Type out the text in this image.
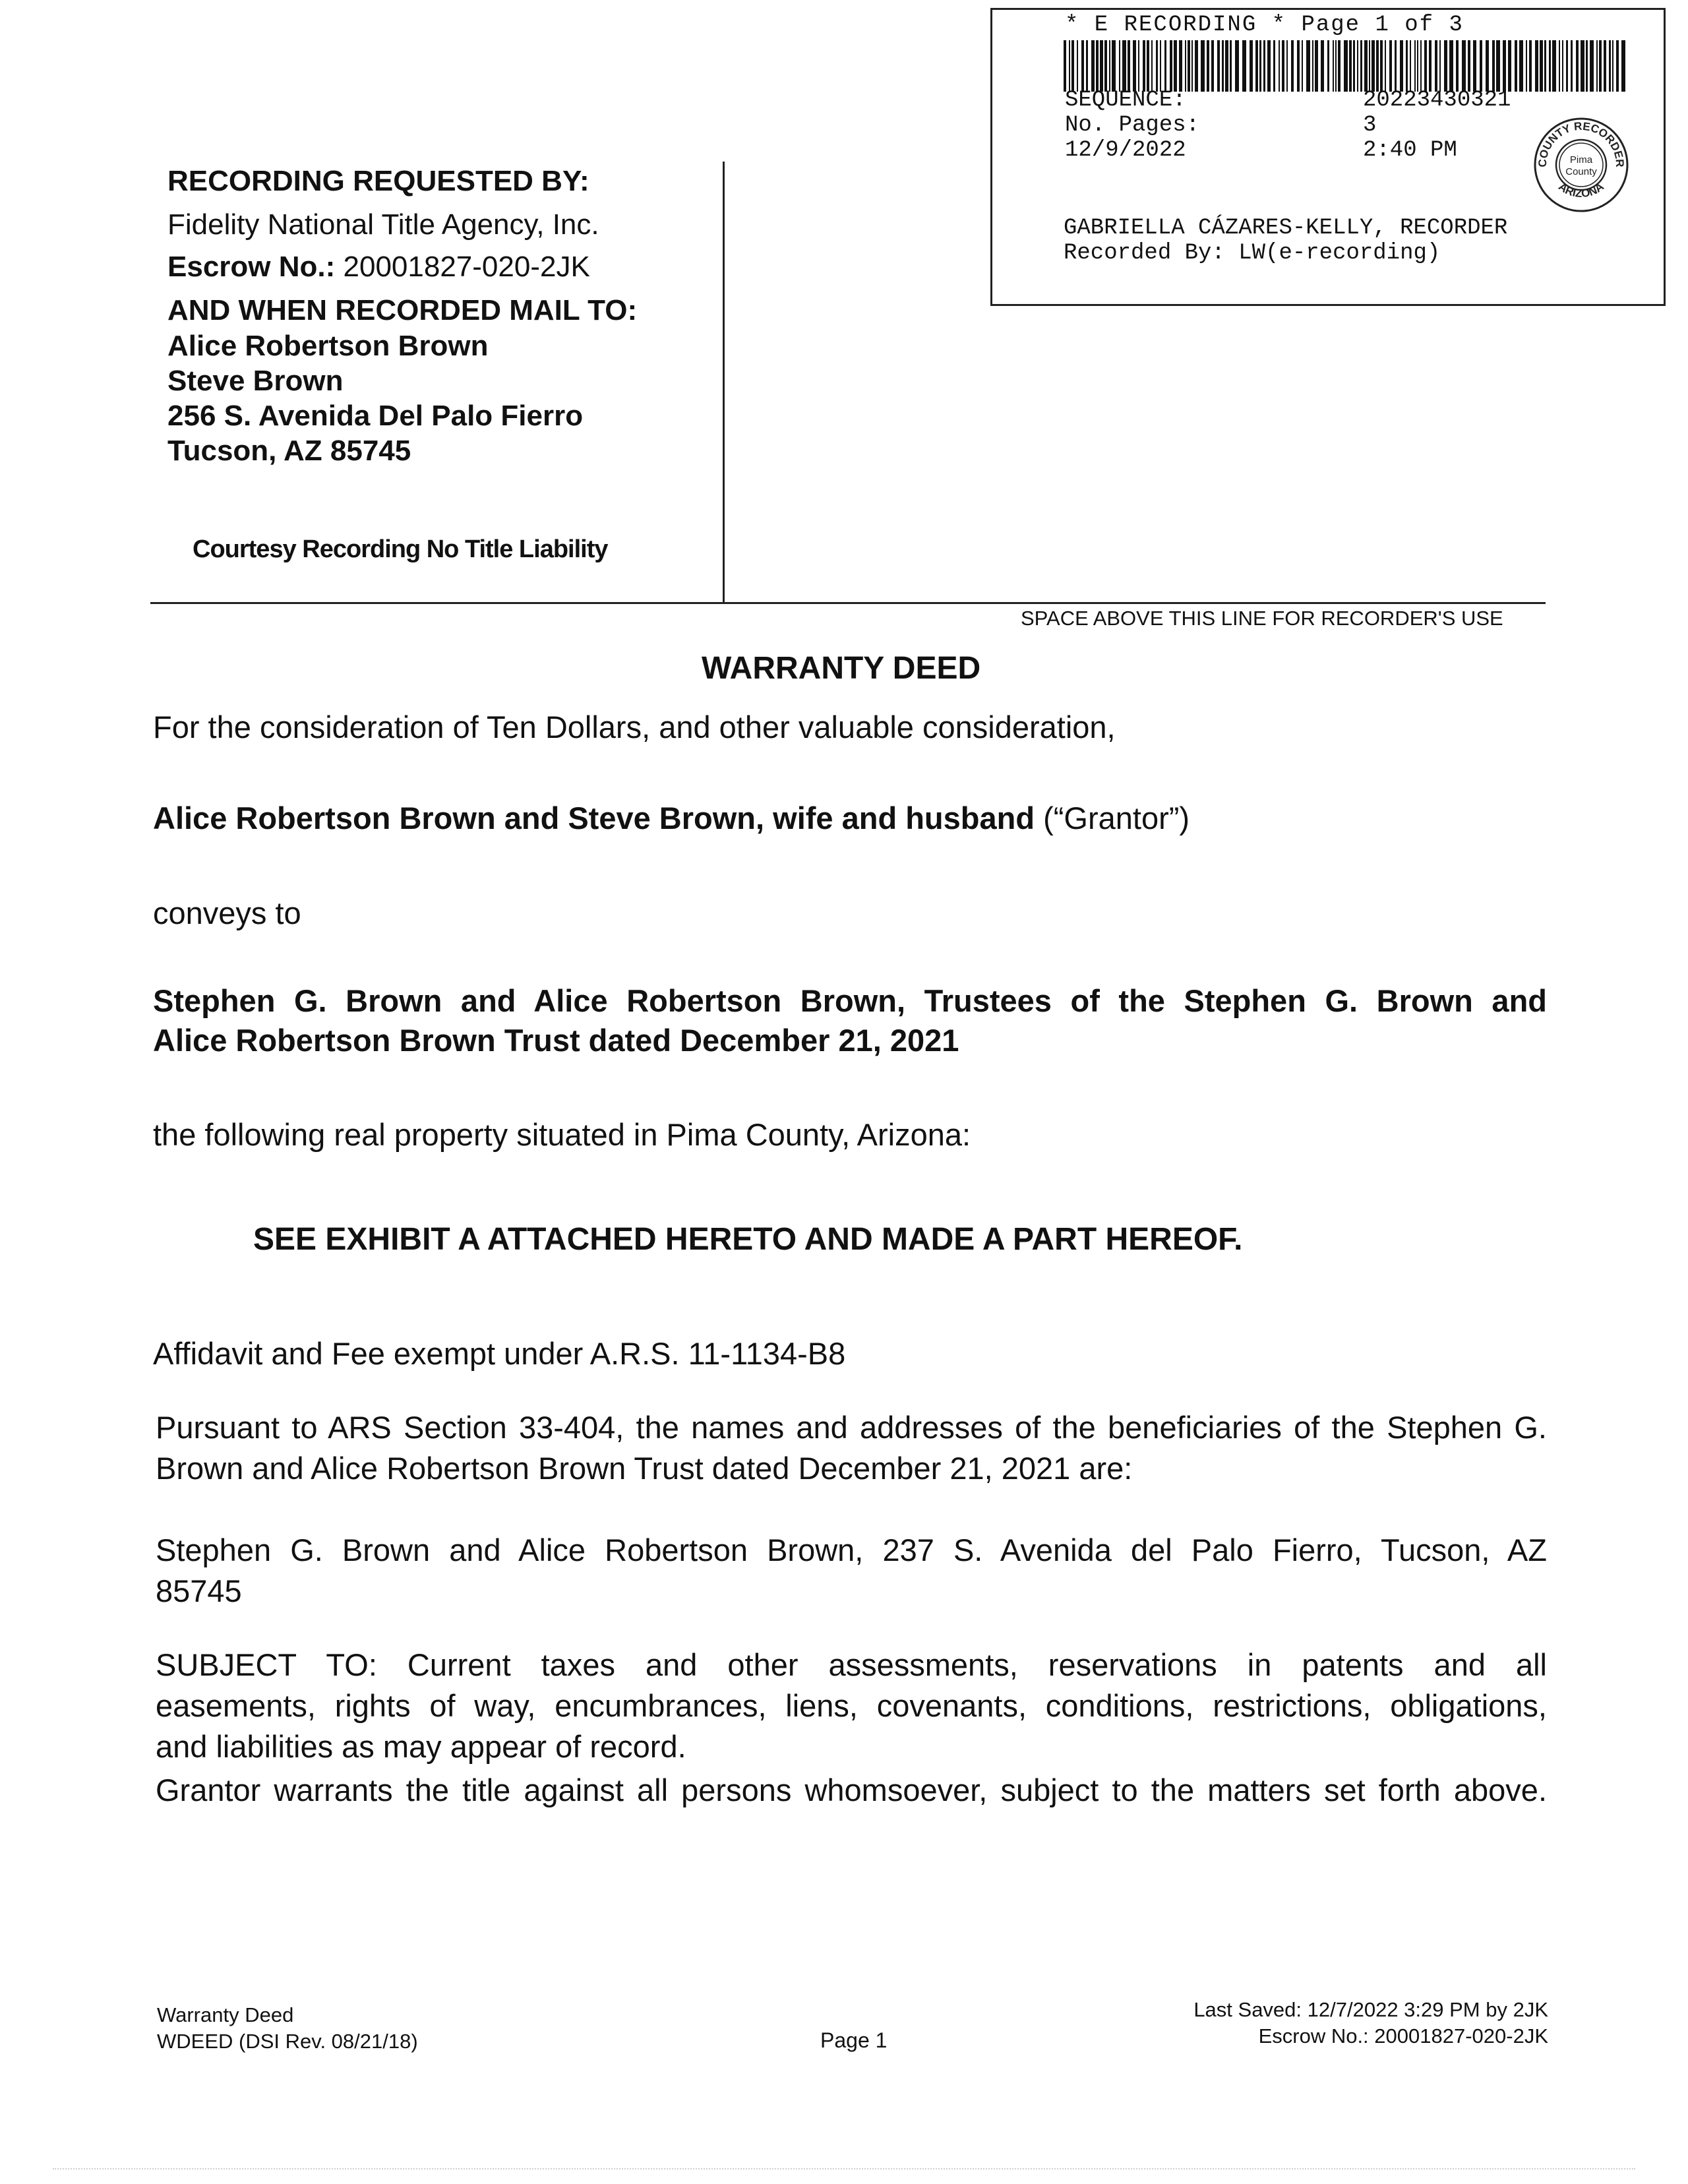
* E RECORDING * Page 1 of 3
SEQUENCE:	20223430321
No. Pages:	3
12/9/2022	2:40 PM
COUNTY RECORDER
ARIZONA
Pima
County
GABRIELLA CÁZARES-KELLY, RECORDER
Recorded By: LW(e-recording)
RECORDING REQUESTED BY:
Fidelity National Title Agency, Inc.
Escrow No.: 20001827-020-2JK
AND WHEN RECORDED MAIL TO:
Alice Robertson Brown
Steve Brown
256 S. Avenida Del Palo Fierro
Tucson, AZ 85745
Courtesy Recording No Title Liability
SPACE ABOVE THIS LINE FOR RECORDER'S USE
WARRANTY DEED
For the consideration of Ten Dollars, and other valuable consideration,
Alice Robertson Brown and Steve Brown, wife and husband (“Grantor”)
conveys to
Stephen G. Brown and Alice Robertson Brown, Trustees of the Stephen G. Brown and
Alice Robertson Brown Trust dated December 21, 2021
the following real property situated in Pima County, Arizona:
SEE EXHIBIT A ATTACHED HERETO AND MADE A PART HEREOF.
Affidavit and Fee exempt under A.R.S. 11-1134-B8
Pursuant to ARS Section 33-404, the names and addresses of the beneficiaries of the Stephen G.
Brown and Alice Robertson Brown Trust dated December 21, 2021 are:
Stephen G. Brown and Alice Robertson Brown, 237 S. Avenida del Palo Fierro, Tucson, AZ
85745
SUBJECT TO: Current taxes and other assessments, reservations in patents and all
easements, rights of way, encumbrances, liens, covenants, conditions, restrictions, obligations,
and liabilities as may appear of record.
Grantor warrants the title against all persons whomsoever, subject to the matters set forth above.
Warranty Deed
WDEED (DSI Rev. 08/21/18)	Page 1
Last Saved: 12/7/2022 3:29 PM by 2JK
Escrow No.: 20001827-020-2JK
